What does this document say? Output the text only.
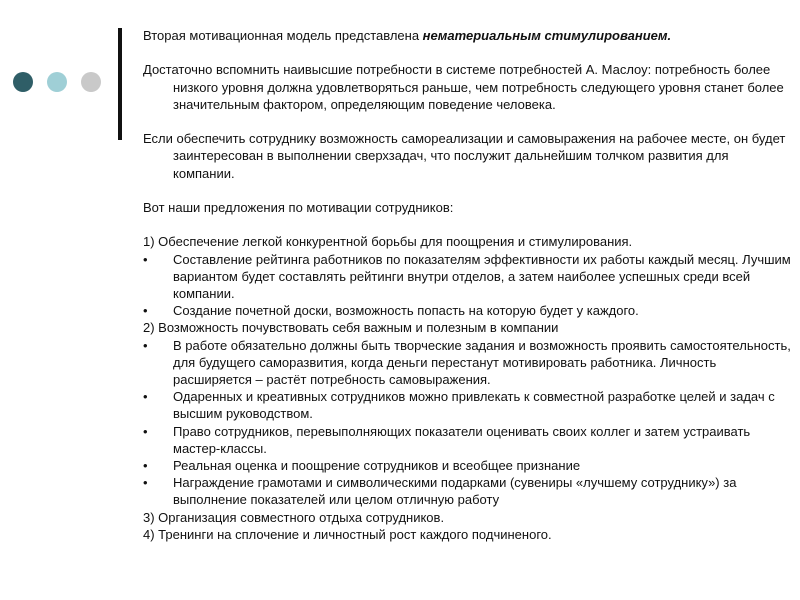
Вторая мотивационная модель представлена нематериальным стимулированием.

Достаточно вспомнить наивысшие потребности в системе потребностей А. Маслоу: потребность более низкого уровня должна удовлетворяться раньше, чем потребность следующего уровня станет более значительным фактором, определяющим поведение человека.

Если обеспечить сотруднику возможность самореализации и самовыражения на рабочее месте, он будет заинтересован в выполнении сверхзадач, что послужит дальнейшим толчком развития для компании.

Вот наши предложения по мотивации сотрудников:

1) Обеспечение легкой конкурентной борьбы для поощрения и стимулирования.

•	Составление рейтинга работников по показателям эффективности их работы каждый месяц. Лучшим вариантом будет составлять рейтинги внутри отделов, а затем наиболее успешных среди всей компании.

•	Создание почетной доски, возможность попасть на которую будет у каждого.

2) Возможность почувствовать себя важным и полезным в компании

•	В работе обязательно должны быть творческие задания и возможность проявить самостоятельность, для будущего саморазвития, когда деньги перестанут мотивировать работника. Личность расширяется – растёт потребность самовыражения.

•	Одаренных и креативных сотрудников можно привлекать к совместной разработке целей и задач с высшим руководством.

•	Право сотрудников, перевыполняющих показатели оценивать своих коллег и затем устраивать мастер-классы.

•	Реальная оценка и поощрение сотрудников и всеобщее признание

•	Награждение грамотами и символическими подарками (сувениры «лучшему сотруднику») за выполнение показателей или целом отличную работу

3) Организация совместного отдыха сотрудников.

4) Тренинги на сплочение и личностный рост каждого подчиненого.
